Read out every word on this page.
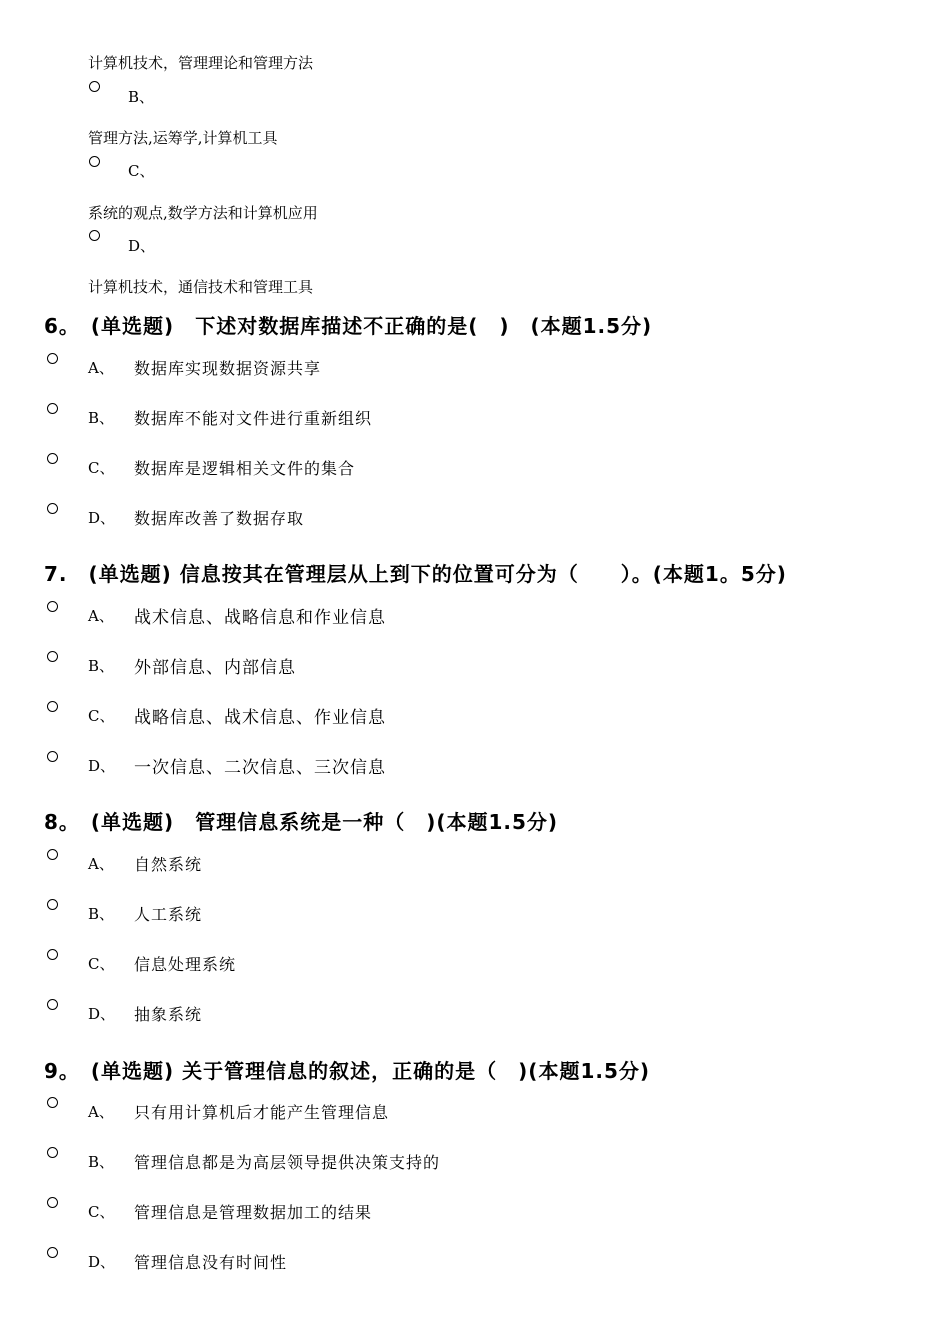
计算机技术，管理理论和管理方法
B、
管理方法,运筹学,计算机工具
C、
系统的观点,数学方法和计算机应用
D、
计算机技术，通信技术和管理工具
6。　(单选题)　下述对数据库描述不正确的是(　)　(本题1.5分)
A、 数据库实现数据资源共享
B、 数据库不能对文件进行重新组织
C、 数据库是逻辑相关文件的集合
D、 数据库改善了数据存取
7.　(单选题) 信息按其在管理层从上到下的位置可分为（　　）。(本题1。5分)
A、 战术信息、战略信息和作业信息
B、 外部信息、内部信息
C、 战略信息、战术信息、作业信息
D、 一次信息、二次信息、三次信息
8。　(单选题)　管理信息系统是一种（　)(本题1.5分)
A、 自然系统
B、 人工系统
C、 信息处理系统
D、 抽象系统
9。　(单选题) 关于管理信息的叙述，正确的是（　)(本题1.5分)
A、 只有用计算机后才能产生管理信息
B、 管理信息都是为高层领导提供决策支持的
C、 管理信息是管理数据加工的结果
D、 管理信息没有时间性
